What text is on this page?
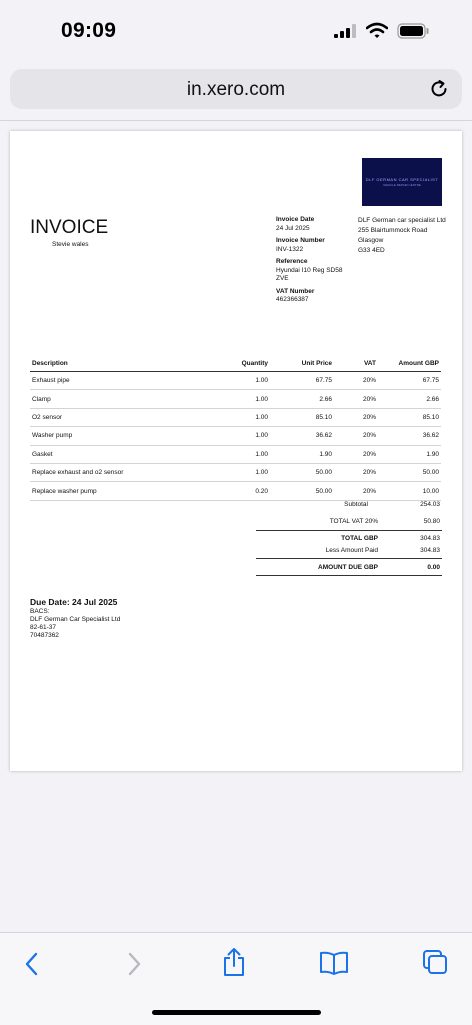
09:09
in.xero.com
DLF GERMAN CAR SPECIALIST
VEHICLE REPAIR CENTRE
INVOICE
Stevie wales
Invoice Date
24 Jul 2025
Invoice Number
INV-1322
Reference
Hyundai I10 Reg SD58 ZVE
VAT Number
462366387
DLF German car specialist Ltd
255 Blairtummock Road
Glasgow
G33 4ED
Description	Quantity	Unit Price	VAT	Amount GBP
Exhaust pipe	1.00	67.75	20%	67.75
Clamp	1.00	2.66	20%	2.66
O2 sensor	1.00	85.10	20%	85.10
Washer pump	1.00	36.62	20%	36.62
Gasket	1.00	1.90	20%	1.90
Replace exhaust and o2 sensor	1.00	50.00	20%	50.00
Replace washer pump	0.20	50.00	20%	10.00
Subtotal	254.03
TOTAL VAT 20%	50.80
TOTAL GBP	304.83
Less Amount Paid	304.83
AMOUNT DUE GBP	0.00
Due Date: 24 Jul 2025
BACS:
DLF German Car Specialist Ltd
82-61-37
70487362
